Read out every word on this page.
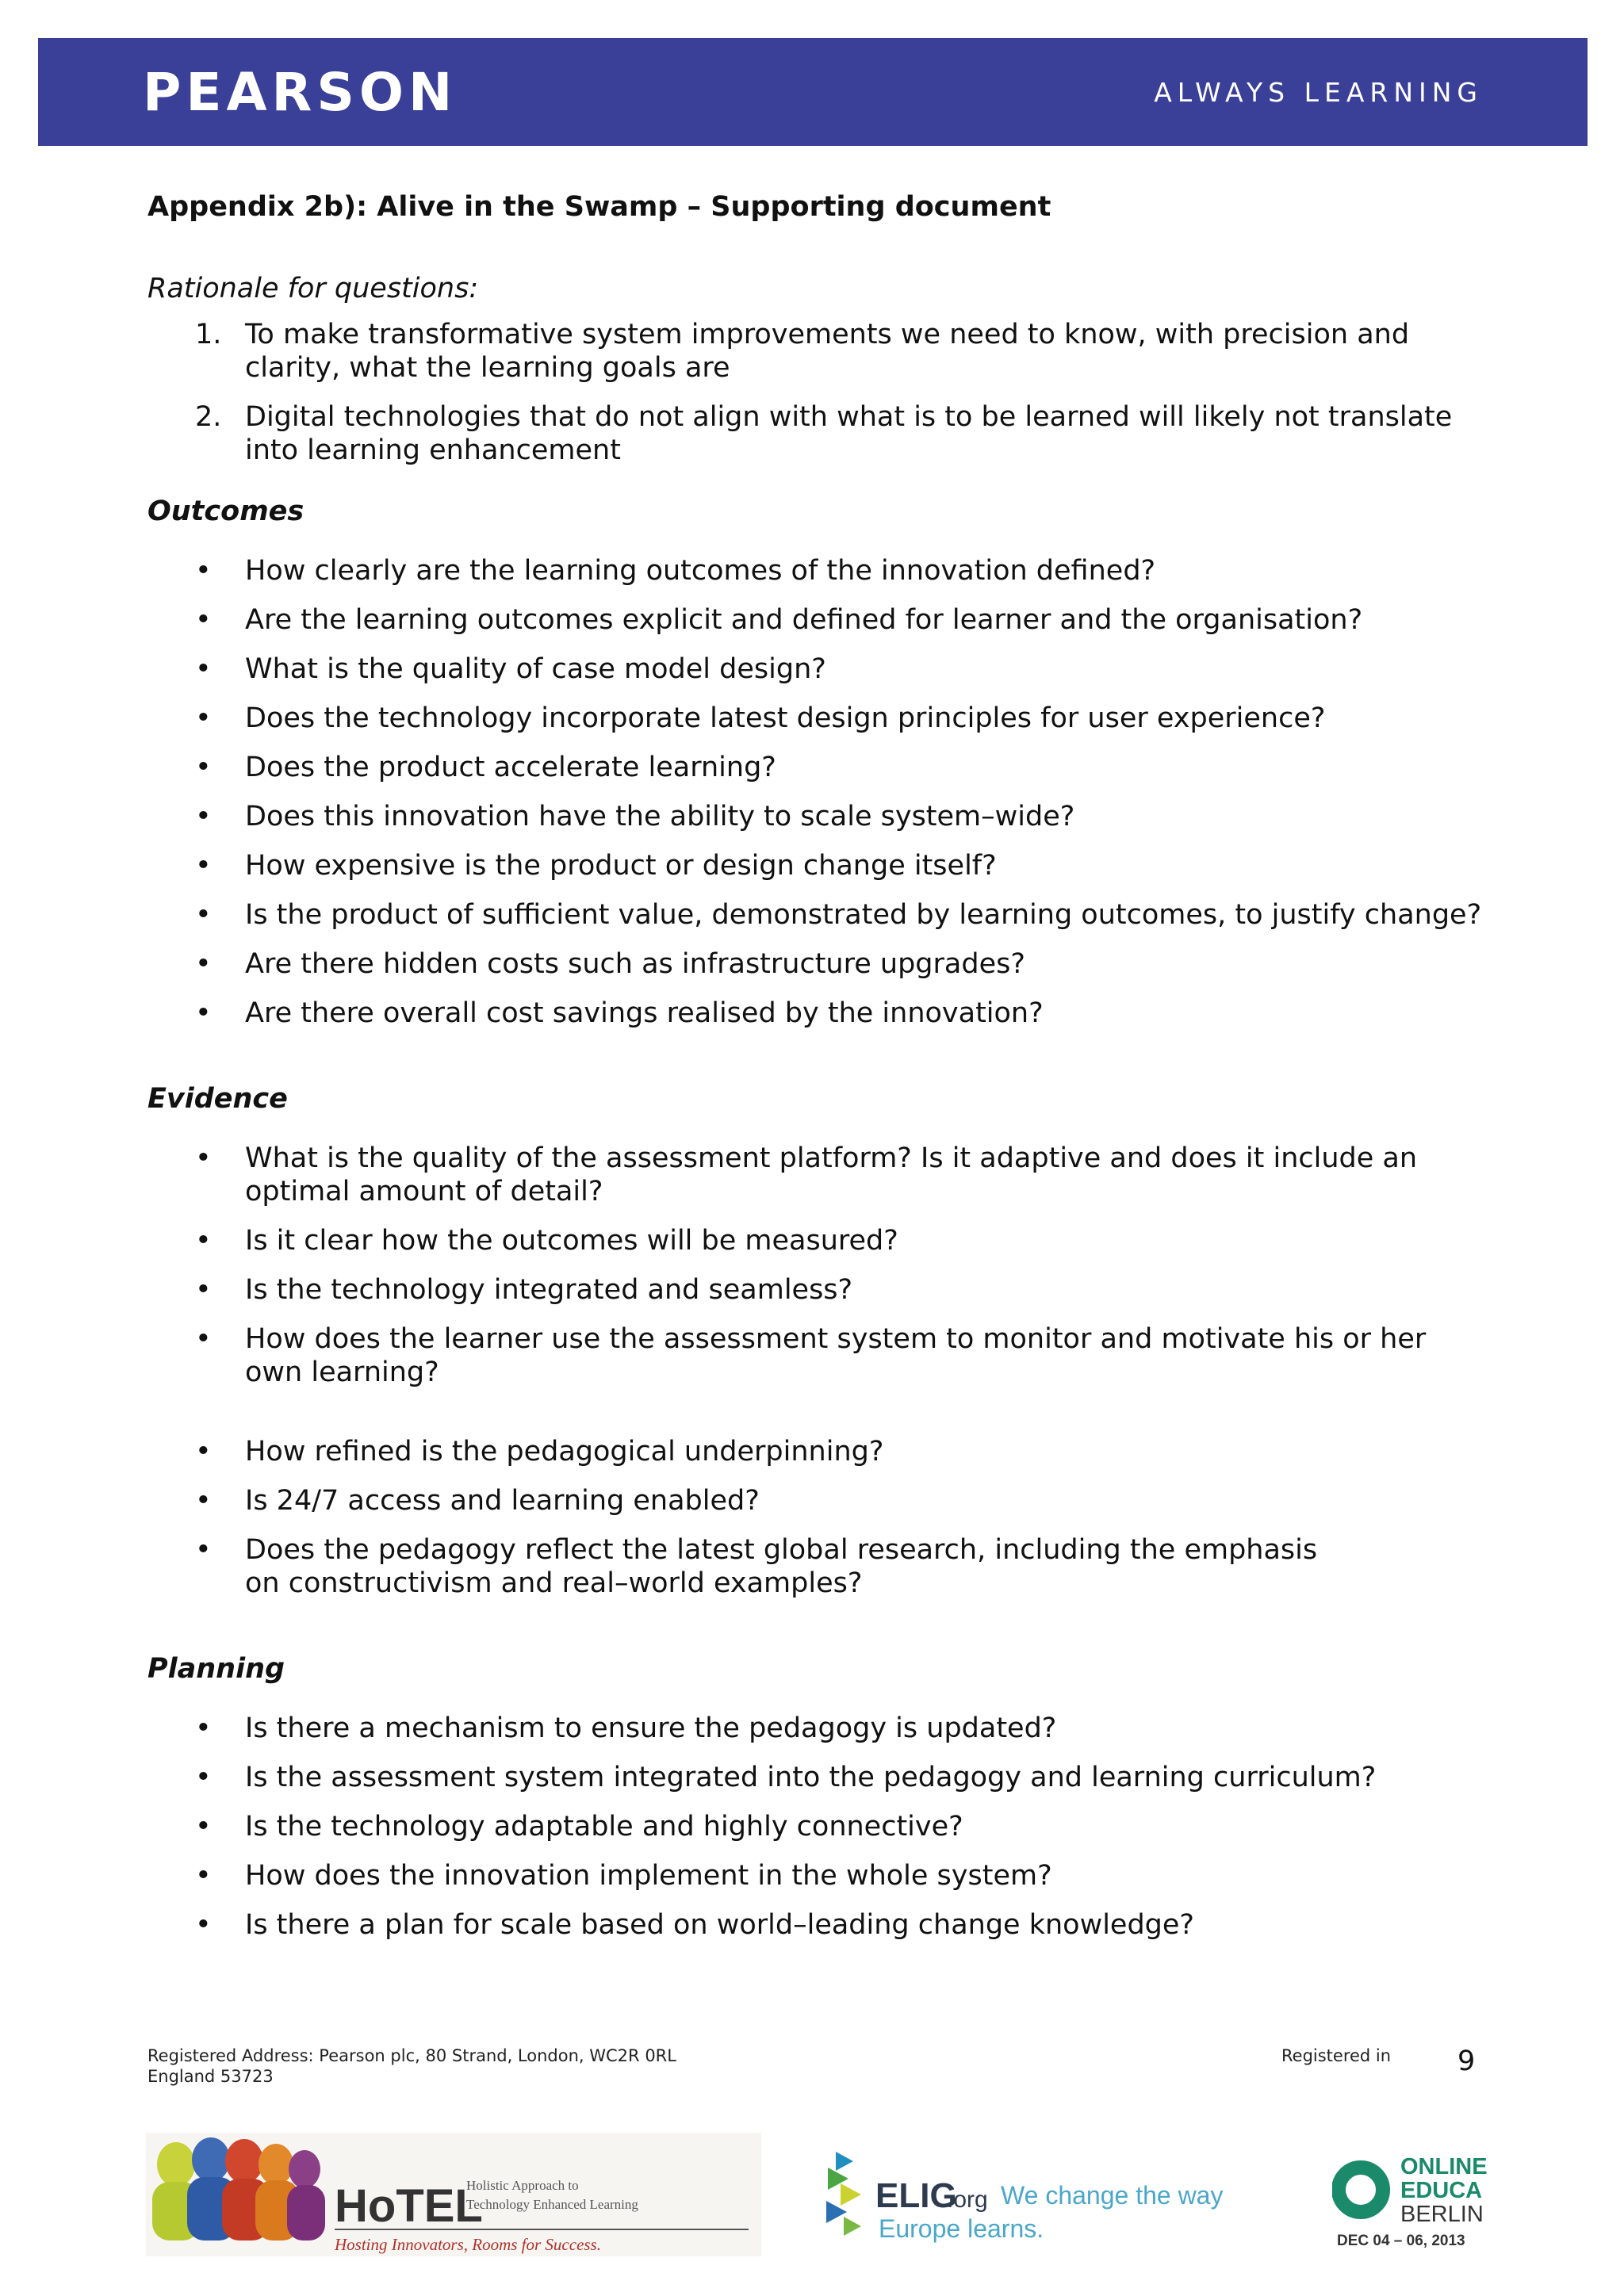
PEARSON	ALWAYS LEARNING
Appendix 2b): Alive in the Swamp – Supporting document
Rationale for questions:
1. To make transformative system improvements we need to know, with precision and
clarity, what the learning goals are
2. Digital technologies that do not align with what is to be learned will likely not translate
into learning enhancement
Outcomes
• How clearly are the learning outcomes of the innovation defined?
• Are the learning outcomes explicit and defined for learner and the organisation?
• What is the quality of case model design?
• Does the technology incorporate latest design principles for user experience?
• Does the product accelerate learning?
• Does this innovation have the ability to scale system–wide?
• How expensive is the product or design change itself?
• Is the product of sufficient value, demonstrated by learning outcomes, to justify change?
• Are there hidden costs such as infrastructure upgrades?
• Are there overall cost savings realised by the innovation?
Evidence
• What is the quality of the assessment platform? Is it adaptive and does it include an
optimal amount of detail?
• Is it clear how the outcomes will be measured?
• Is the technology integrated and seamless?
• How does the learner use the assessment system to monitor and motivate his or her
own learning?
• How refined is the pedagogical underpinning?
• Is 24/7 access and learning enabled?
• Does the pedagogy reflect the latest global research, including the emphasis
on constructivism and real–world examples?
Planning
• Is there a mechanism to ensure the pedagogy is updated?
• Is the assessment system integrated into the pedagogy and learning curriculum?
• Is the technology adaptable and highly connective?
• How does the innovation implement in the whole system?
• Is there a plan for scale based on world–leading change knowledge?
Registered Address: Pearson plc, 80 Strand, London, WC2R 0RL
England 53723
Registered in 9
HoTEL
Holistic Approach to
Technology Enhanced Learning
Hosting Innovators, Rooms for Success.
ELIG
.org We change the way
Europe learns.
ONLINE
EDUCA
BERLIN
DEC 04 – 06, 2013
